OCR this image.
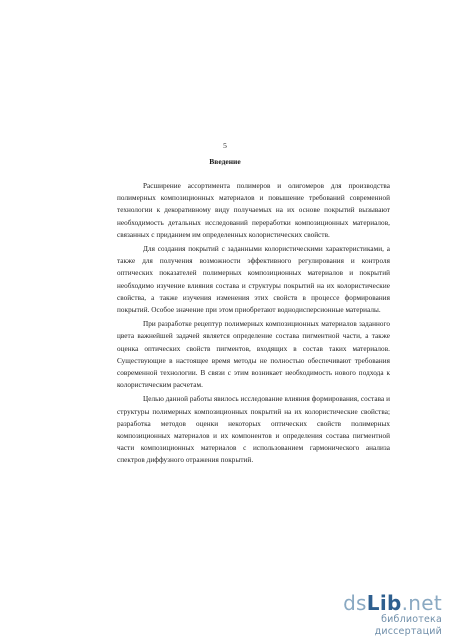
5
Введение

Расширение ассортимента полимеров и олигомеров для производства полимерных композиционных материалов и повышение требований современной технологии к декоративному виду получаемых на их основе покрытий вызывают необходимость детальных исследований переработки композиционных материалов, связанных с приданием им определенных колористических свойств.

Для создания покрытий с заданными колористическими характеристиками, а также для получения возможности эффективного регулирования и контроля оптических показателей полимерных композиционных материалов и покрытий необходимо изучение влияния состава и структуры покрытий на их колористические свойства, а также изучения изменения этих свойств в процессе формирования покрытий. Особое значение при этом приобретают воднодисперсионные материалы.

При разработке рецептур полимерных композиционных материалов заданного цвета важнейшей задачей является определение состава пигментной части, а также оценка оптических свойств пигментов, входящих в состав таких материалов. Существующие в настоящее время методы не полностью обеспечивают требования современной технологии. В связи с этим возникает необходимость нового подхода к колористическим расчетам.

Целью данной работы явилось исследование влияния формирования, состава и структуры полимерных композиционных покрытий на их колористические свойства; разработка методов оценки некоторых оптических свойств полимерных композиционных материалов и их компонентов и определения состава пигментной части композиционных материалов с использованием гармонического анализа спектров диффузного отражения покрытий.

dsLib.net
библиотека диссертаций
